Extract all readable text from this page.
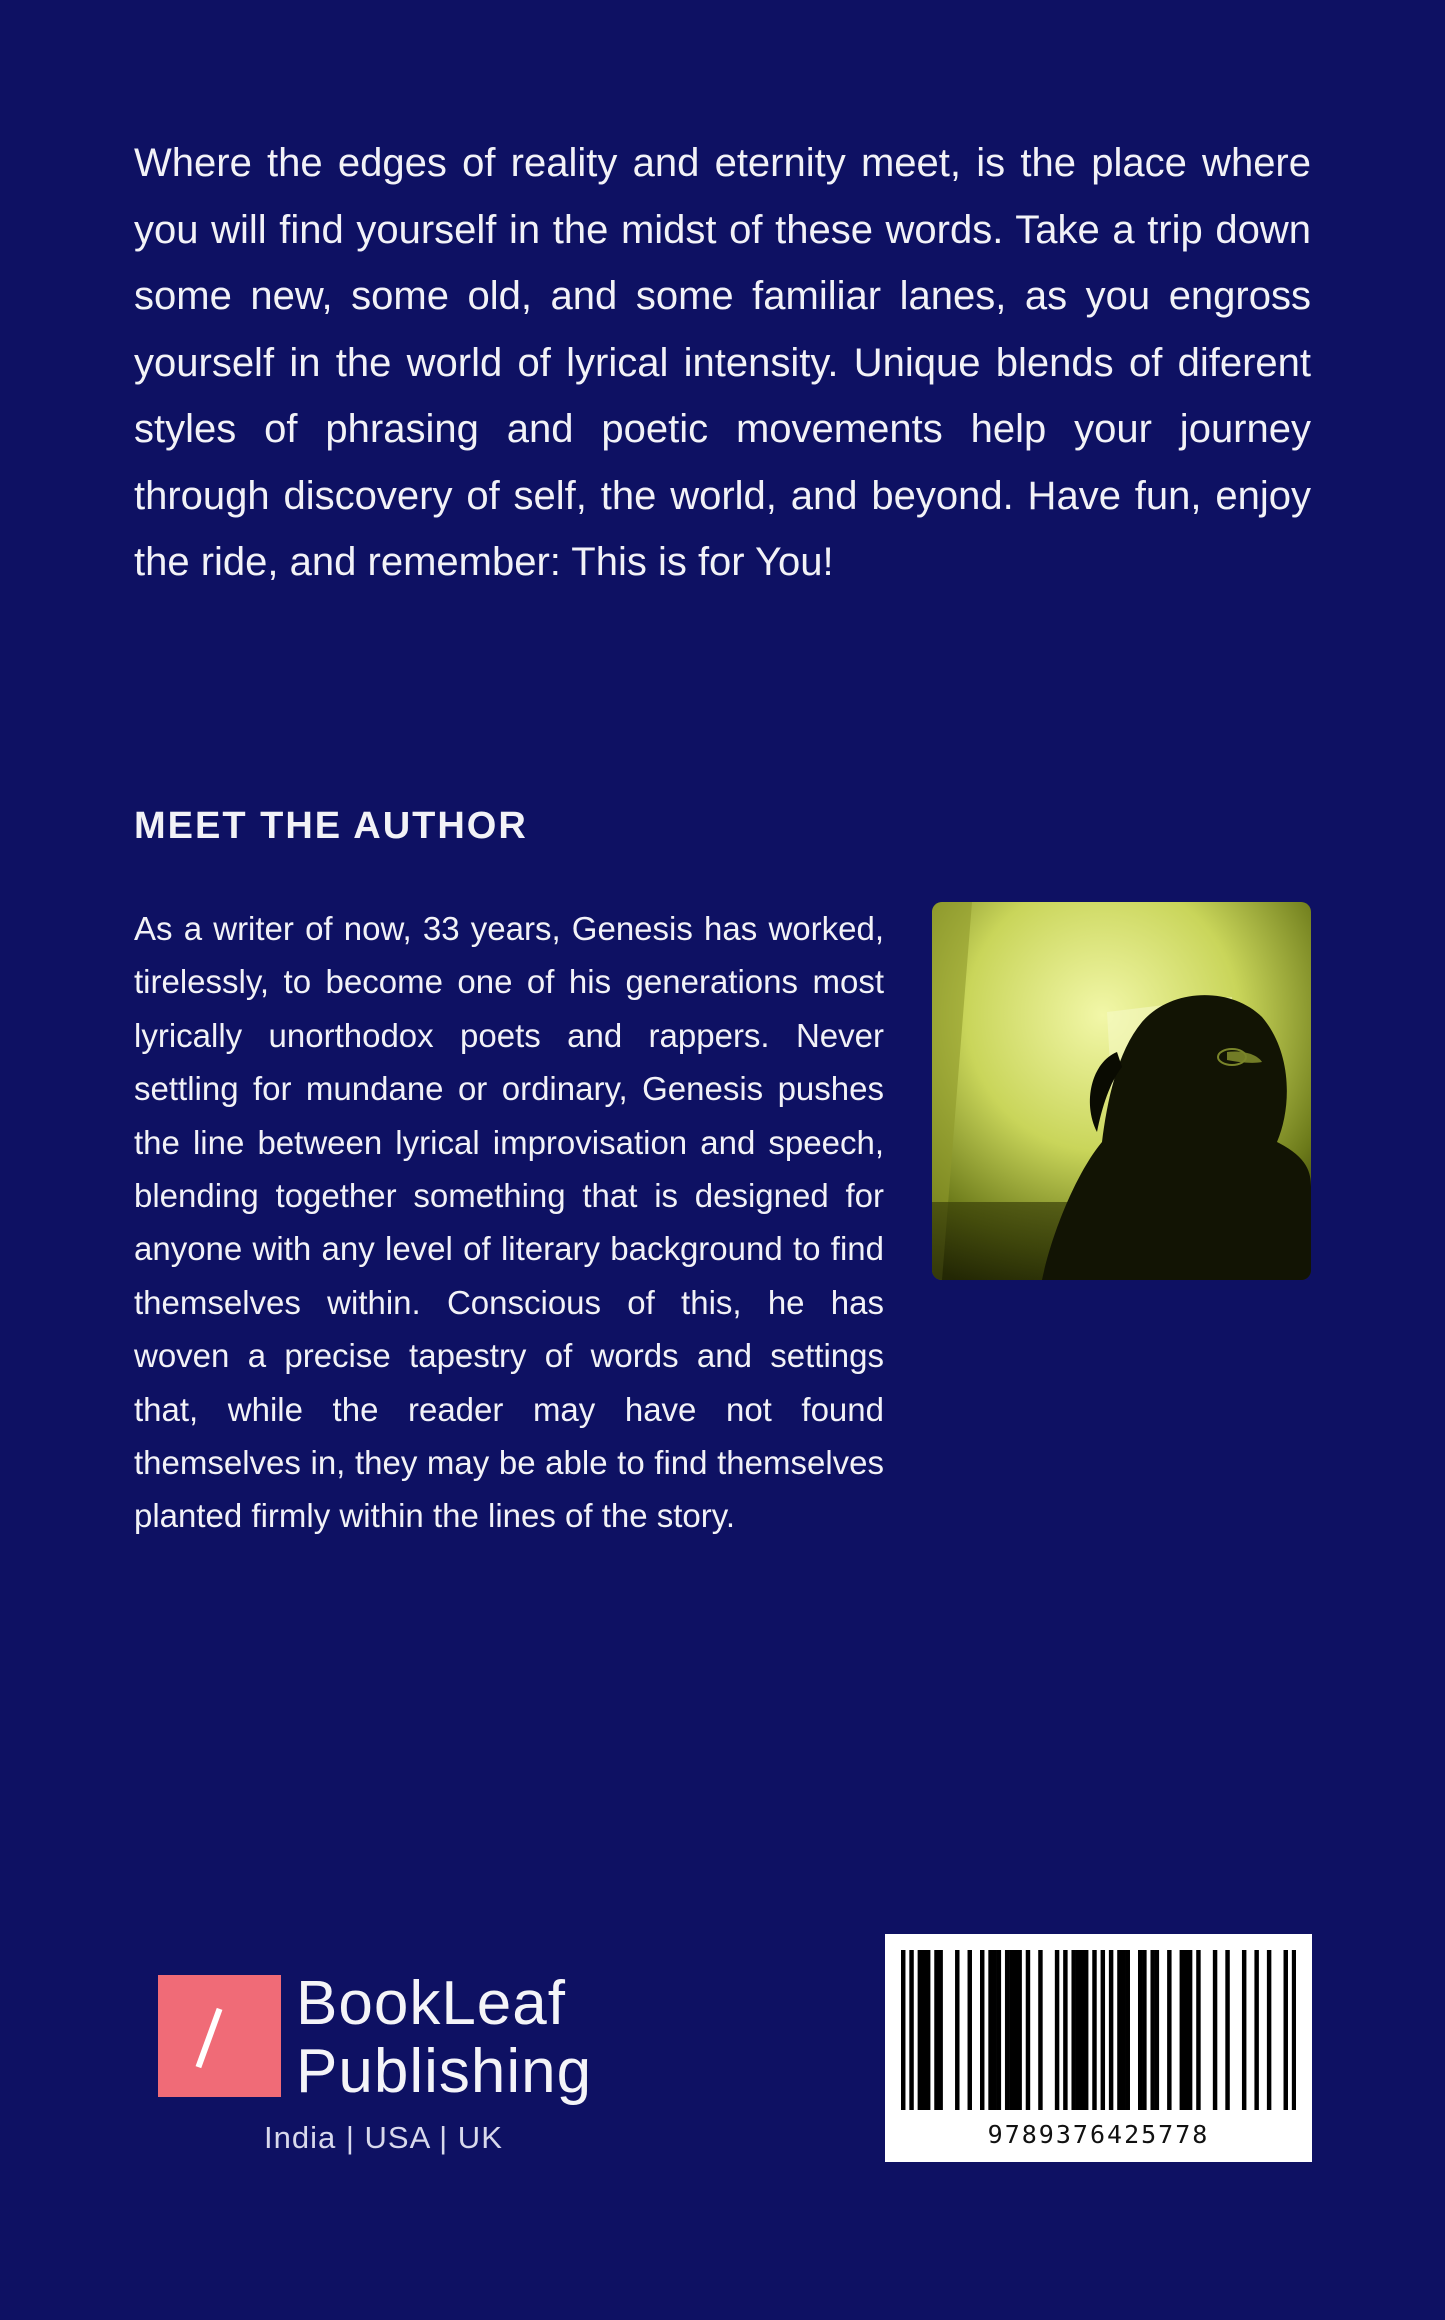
Where the edges of reality and eternity meet, is the place where you will find yourself in the midst of these words. Take a trip down some new, some old, and some familiar lanes, as you engross yourself in the world of lyrical intensity. Unique blends of diferent styles of phrasing and poetic movements help your journey through discovery of self, the world, and beyond. Have fun, enjoy the ride, and remember: This is for You!

MEET THE AUTHOR

As a writer of now, 33 years, Genesis has worked, tirelessly, to become one of his generations most lyrically unorthodox poets and rappers. Never settling for mundane or ordinary, Genesis pushes the line between lyrical improvisation and speech, blending together something that is designed for anyone with any level of literary background to find themselves within. Conscious of this, he has woven a precise tapestry of words and settings that, while the reader may have not found themselves in, they may be able to find themselves planted firmly within the lines of the story.

BookLeaf
Publishing

India | USA | UK	9789376425778
